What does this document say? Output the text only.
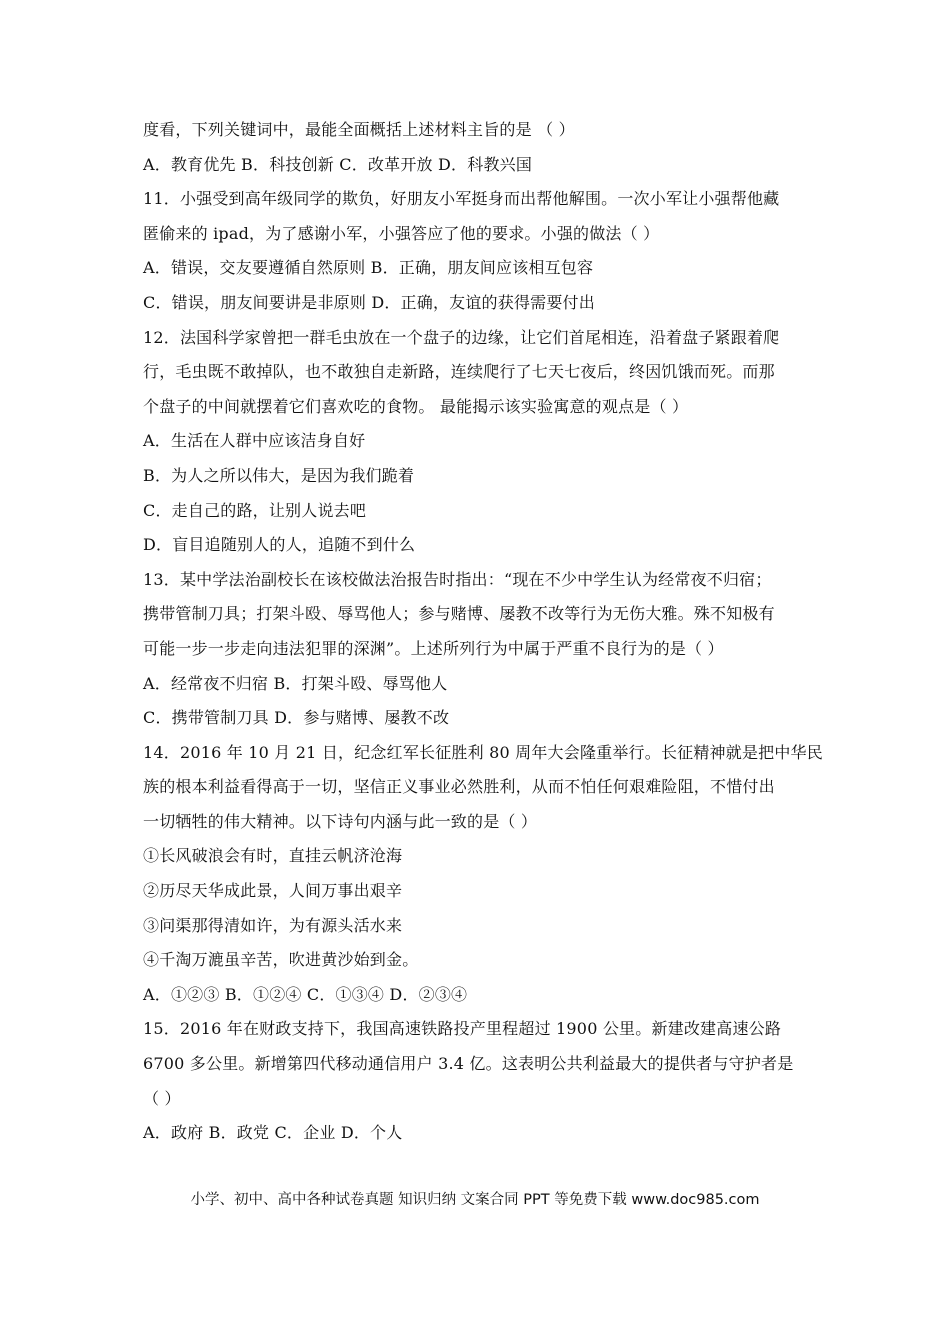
度看，下列关键词中，最能全面概括上述材料主旨的是 （ ）
A．教育优先 B．科技创新 C．改革开放 D．科教兴国
11．小强受到高年级同学的欺负，好朋友小军挺身而出帮他解围。一次小军让小强帮他藏
匿偷来的 ipad，为了感谢小军，小强答应了他的要求。小强的做法（ ）
A．错误，交友要遵循自然原则 B．正确，朋友间应该相互包容
C．错误，朋友间要讲是非原则 D．正确，友谊的获得需要付出
12．法国科学家曾把一群毛虫放在一个盘子的边缘，让它们首尾相连，沿着盘子紧跟着爬
行，毛虫既不敢掉队，也不敢独自走新路，连续爬行了七天七夜后，终因饥饿而死。而那
个盘子的中间就摆着它们喜欢吃的食物。 最能揭示该实验寓意的观点是（ ）
A．生活在人群中应该洁身自好
B．为人之所以伟大，是因为我们跪着
C．走自己的路，让别人说去吧
D．盲目追随别人的人，追随不到什么
13．某中学法治副校长在该校做法治报告时指出：“现在不少中学生认为经常夜不归宿；
携带管制刀具；打架斗殴、辱骂他人；参与赌博、屡教不改等行为无伤大雅。殊不知极有
可能一步一步走向违法犯罪的深渊”。上述所列行为中属于严重不良行为的是（ ）
A．经常夜不归宿 B．打架斗殴、辱骂他人
C．携带管制刀具 D．参与赌博、屡教不改
14．2016 年 10 月 21 日，纪念红军长征胜利 80 周年大会隆重举行。长征精神就是把中华民
族的根本利益看得高于一切，坚信正义事业必然胜利，从而不怕任何艰难险阻，不惜付出
一切牺牲的伟大精神。以下诗句内涵与此一致的是（ ）
①长风破浪会有时，直挂云帆济沧海
②历尽天华成此景，人间万事出艰辛
③问渠那得清如许，为有源头活水来
④千淘万漉虽辛苦，吹进黄沙始到金。
A．①②③ B．①②④ C．①③④ D．②③④
15．2016 年在财政支持下，我国高速铁路投产里程超过 1900 公里。新建改建高速公路
6700 多公里。新增第四代移动通信用户 3.4 亿。这表明公共利益最大的提供者与守护者是
（ ）
A．政府 B．政党 C．企业 D．个人
小学、初中、高中各种试卷真题 知识归纳 文案合同 PPT 等免费下载 www.doc985.com
